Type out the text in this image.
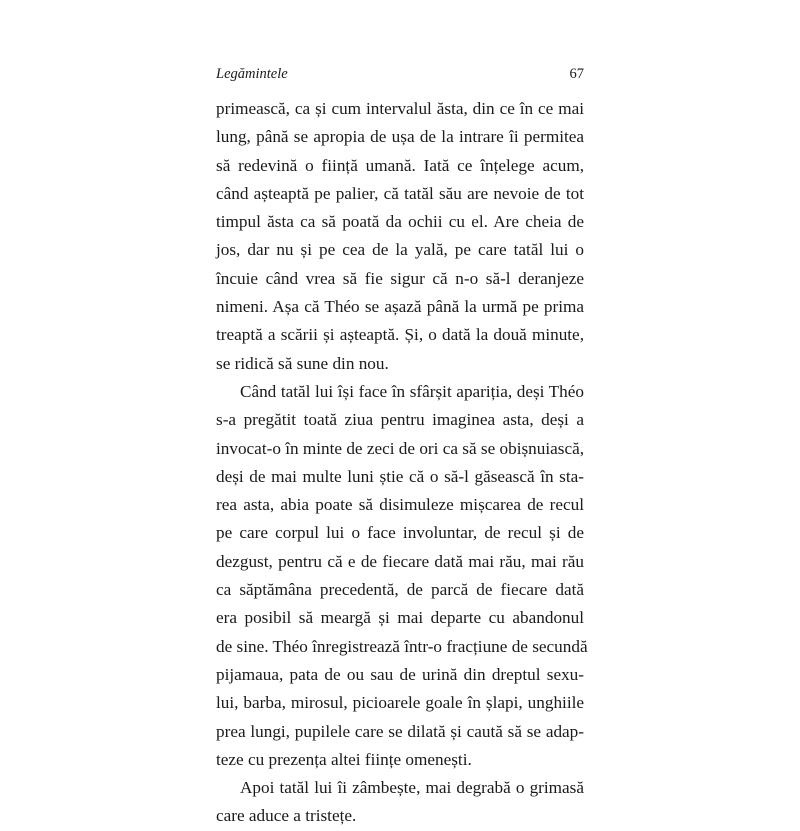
Legămintele	67
primească, ca și cum intervalul ăsta, din ce în ce mai
lung, până se apropia de ușa de la intrare îi permitea
să redevină o ființă umană. Iată ce înțelege acum,
când așteaptă pe palier, că tatăl său are nevoie de tot
timpul ăsta ca să poată da ochii cu el. Are cheia de
jos, dar nu și pe cea de la yală, pe care tatăl lui o
încuie când vrea să fie sigur că n-o să-l deranjeze
nimeni. Așa că Théo se așază până la urmă pe prima
treaptă a scării și așteaptă. Și, o dată la două minute,
se ridică să sune din nou.
Când tatăl lui își face în sfârșit apariția, deși Théo
s-a pregătit toată ziua pentru imaginea asta, deși a
invocat-o în minte de zeci de ori ca să se obișnuiască,
deși de mai multe luni știe că o să-l găsească în sta-
rea asta, abia poate să disimuleze mișcarea de recul
pe care corpul lui o face involuntar, de recul și de
dezgust, pentru că e de fiecare dată mai rău, mai rău
ca săptămâna precedentă, de parcă de fiecare dată
era posibil să meargă și mai departe cu abandonul
de sine. Théo înregistrează într-o fracțiune de secundă
pijamaua, pata de ou sau de urină din dreptul sexu-
lui, barba, mirosul, picioarele goale în șlapi, unghiile
prea lungi, pupilele care se dilată și caută să se adap-
teze cu prezența altei ființe omenești.
Apoi tatăl lui îi zâmbește, mai degrabă o grimasă
care aduce a tristețe.
